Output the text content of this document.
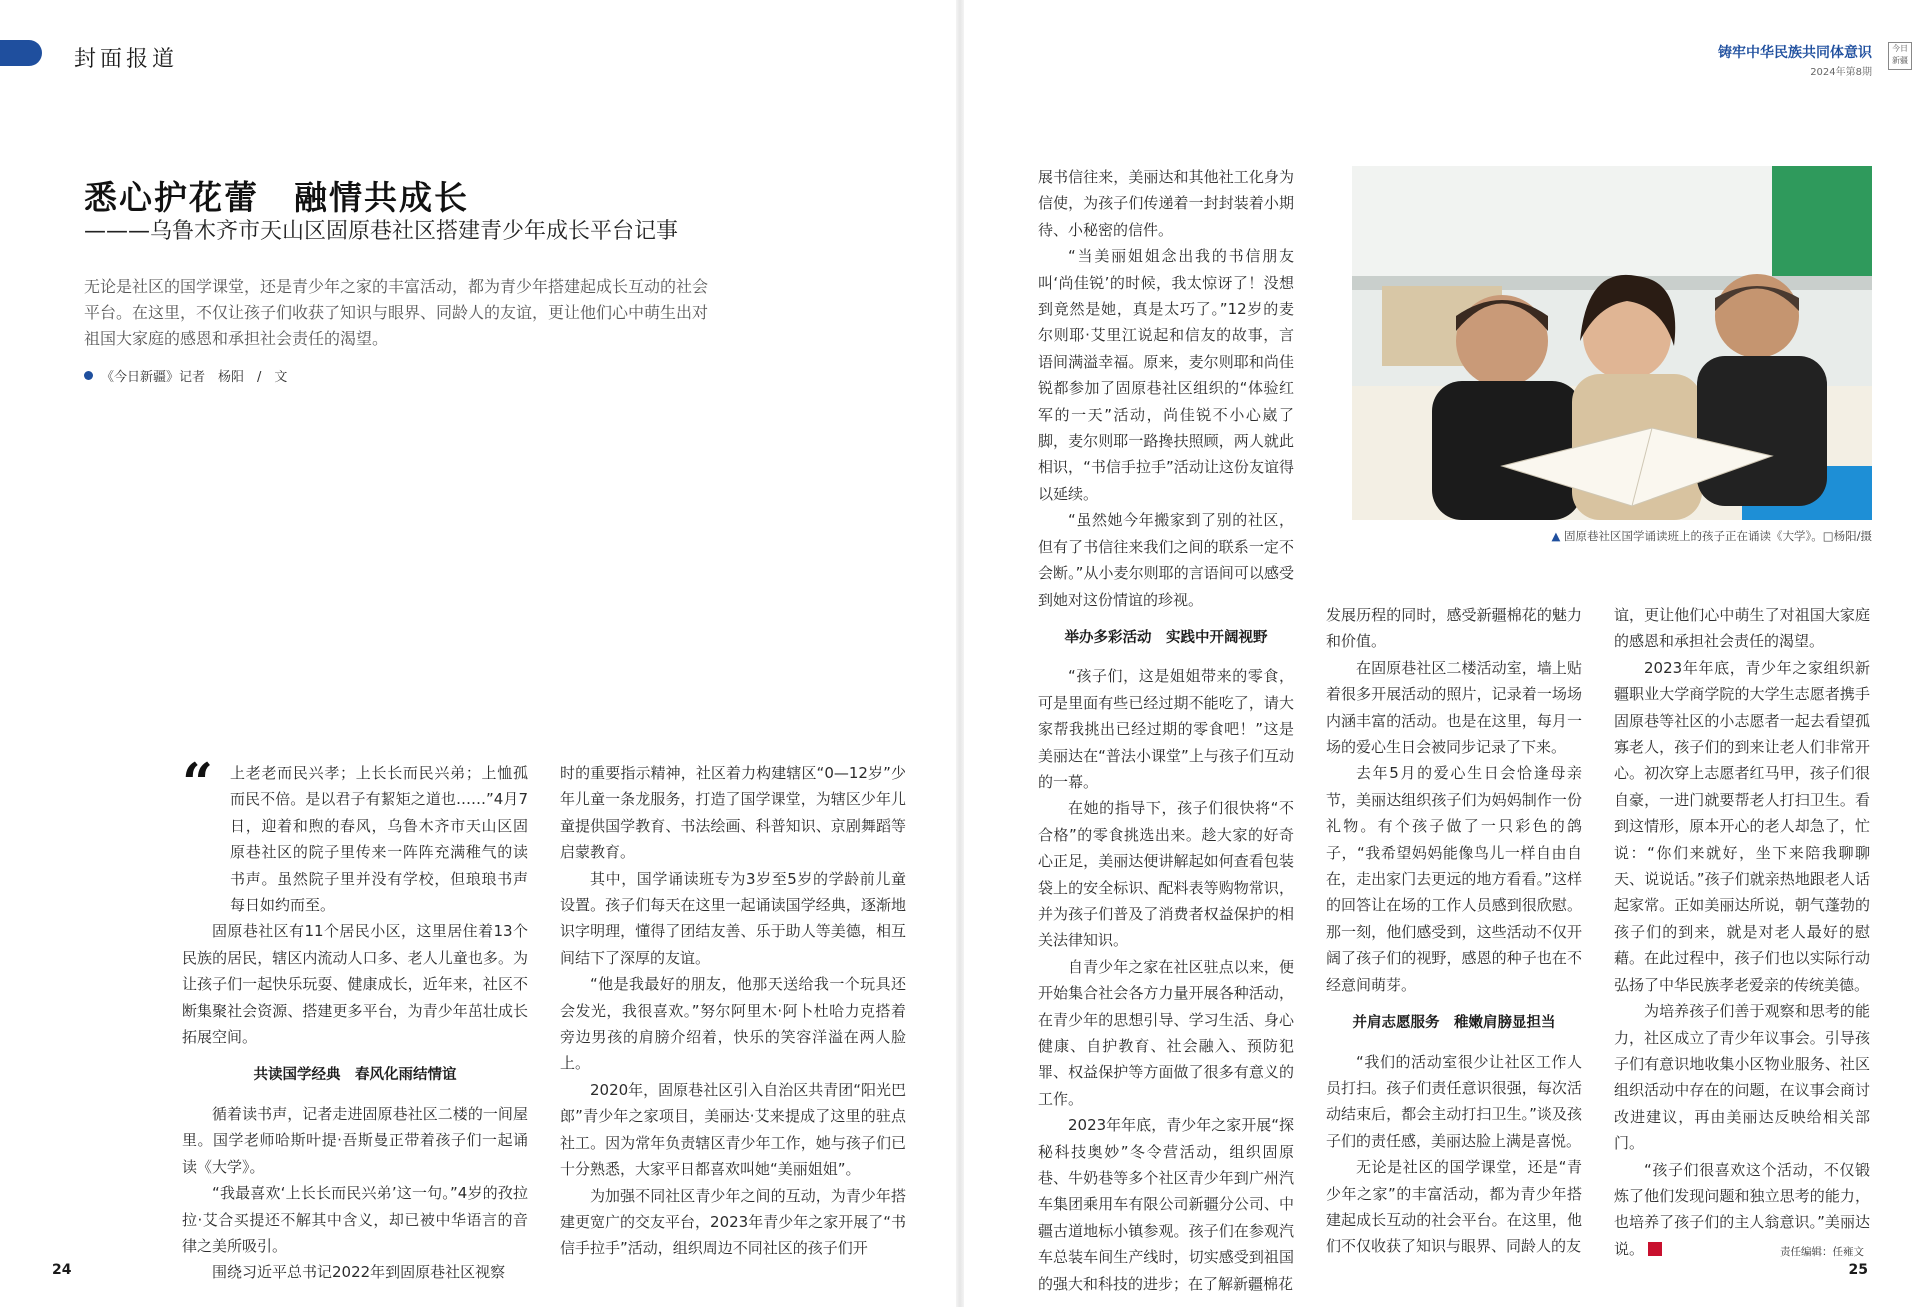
封面报道	铸牢中华民族共同体意识
2024年第8期
今日新疆
悉心护花蕾　融情共成长
———乌鲁木齐市天山区固原巷社区搭建青少年成长平台记事
无论是社区的国学课堂，还是青少年之家的丰富活动，都为青少年搭建起成长互动的社会平台。在这里，不仅让孩子们收获了知识与眼界、同龄人的友谊，更让他们心中萌生出对祖国大家庭的感恩和承担社会责任的渴望。
《今日新疆》记者　杨阳　/　文
“	上老老而民兴孝；上长长而民兴弟；上恤孤而民不倍。是以君子有絜矩之道也……”4月7日，迎着和煦的春风，乌鲁木齐市天山区固原巷社区的院子里传来一阵阵充满稚气的读书声。虽然院子里并没有学校，但琅琅书声每日如约而至。

固原巷社区有11个居民小区，这里居住着13个民族的居民，辖区内流动人口多、老人儿童也多。为让孩子们一起快乐玩耍、健康成长，近年来，社区不断集聚社会资源、搭建更多平台，为青少年茁壮成长拓展空间。

共读国学经典　春风化雨结情谊

循着读书声，记者走进固原巷社区二楼的一间屋里。国学老师哈斯叶提·吾斯曼正带着孩子们一起诵读《大学》。

“我最喜欢‘上长长而民兴弟’这一句。”4岁的孜拉拉·艾合买提还不解其中含义，却已被中华语言的音律之美所吸引。

围绕习近平总书记2022年到固原巷社区视察

时的重要指示精神，社区着力构建辖区“0—12岁”少年儿童一条龙服务，打造了国学课堂，为辖区少年儿童提供国学教育、书法绘画、科普知识、京剧舞蹈等启蒙教育。

其中，国学诵读班专为3岁至5岁的学龄前儿童设置。孩子们每天在这里一起诵读国学经典，逐渐地识字明理，懂得了团结友善、乐于助人等美德，相互间结下了深厚的友谊。

“他是我最好的朋友，他那天送给我一个玩具还会发光，我很喜欢。”努尔阿里木·阿卜杜哈力克搭着旁边男孩的肩膀介绍着，快乐的笑容洋溢在两人脸上。

2020年，固原巷社区引入自治区共青团“阳光巴郎”青少年之家项目，美丽达·艾来提成了这里的驻点社工。因为常年负责辖区青少年工作，她与孩子们已十分熟悉，大家平日都喜欢叫她“美丽姐姐”。

为加强不同社区青少年之间的互动，为青少年搭建更宽广的交友平台，2023年青少年之家开展了“书信手拉手”活动，组织周边不同社区的孩子们开

展书信往来，美丽达和其他社工化身为信使，为孩子们传递着一封封装着小期待、小秘密的信件。

“当美丽姐姐念出我的书信朋友叫‘尚佳锐’的时候，我太惊讶了！没想到竟然是她，真是太巧了。”12岁的麦尔则耶·艾里江说起和信友的故事，言语间满溢幸福。原来，麦尔则耶和尚佳锐都参加了固原巷社区组织的“体验红军的一天”活动，尚佳锐不小心崴了脚，麦尔则耶一路搀扶照顾，两人就此相识，“书信手拉手”活动让这份友谊得以延续。

“虽然她今年搬家到了别的社区，但有了书信往来我们之间的联系一定不会断。”从小麦尔则耶的言语间可以感受到她对这份情谊的珍视。

举办多彩活动　实践中开阔视野

“孩子们，这是姐姐带来的零食，可是里面有些已经过期不能吃了，请大家帮我挑出已经过期的零食吧！”这是美丽达在“普法小课堂”上与孩子们互动的一幕。

在她的指导下，孩子们很快将“不合格”的零食挑选出来。趁大家的好奇心正足，美丽达便讲解起如何查看包装袋上的安全标识、配料表等购物常识，并为孩子们普及了消费者权益保护的相关法律知识。

自青少年之家在社区驻点以来，便开始集合社会各方力量开展各种活动，在青少年的思想引导、学习生活、身心健康、自护教育、社会融入、预防犯罪、权益保护等方面做了很多有意义的工作。

2023年年底，青少年之家开展“探秘科技奥妙”冬令营活动，组织固原巷、牛奶巷等多个社区青少年到广州汽车集团乘用车有限公司新疆分公司、中疆古道地标小镇参观。孩子们在参观汽车总装车间生产线时，切实感受到祖国的强大和科技的进步；在了解新疆棉花

▲ 固原巷社区国学诵读班上的孩子正在诵读《大学》。□杨阳/摄

发展历程的同时，感受新疆棉花的魅力和价值。

在固原巷社区二楼活动室，墙上贴着很多开展活动的照片，记录着一场场内涵丰富的活动。也是在这里，每月一场的爱心生日会被同步记录了下来。

去年5月的爱心生日会恰逢母亲节，美丽达组织孩子们为妈妈制作一份礼物。有个孩子做了一只彩色的鸽子，“我希望妈妈能像鸟儿一样自由自在，走出家门去更远的地方看看。”这样的回答让在场的工作人员感到很欣慰。那一刻，他们感受到，这些活动不仅开阔了孩子们的视野，感恩的种子也在不经意间萌芽。

并肩志愿服务　稚嫩肩膀显担当

“我们的活动室很少让社区工作人员打扫。孩子们责任意识很强，每次活动结束后，都会主动打扫卫生。”谈及孩子们的责任感，美丽达脸上满是喜悦。

无论是社区的国学课堂，还是“青少年之家”的丰富活动，都为青少年搭建起成长互动的社会平台。在这里，他们不仅收获了知识与眼界、同龄人的友

谊，更让他们心中萌生了对祖国大家庭的感恩和承担社会责任的渴望。

2023年年底，青少年之家组织新疆职业大学商学院的大学生志愿者携手固原巷等社区的小志愿者一起去看望孤寡老人，孩子们的到来让老人们非常开心。初次穿上志愿者红马甲，孩子们很自豪，一进门就要帮老人打扫卫生。看到这情形，原本开心的老人却急了，忙说：“你们来就好，坐下来陪我聊聊天、说说话。”孩子们就亲热地跟老人话起家常。正如美丽达所说，朝气蓬勃的孩子们的到来，就是对老人最好的慰藉。在此过程中，孩子们也以实际行动弘扬了中华民族孝老爱亲的传统美德。

为培养孩子们善于观察和思考的能力，社区成立了青少年议事会。引导孩子们有意识地收集小区物业服务、社区组织活动中存在的问题，在议事会商讨改进建议，再由美丽达反映给相关部门。

“孩子们很喜欢这个活动，不仅锻炼了他们发现问题和独立思考的能力，也培养了孩子们的主人翁意识。”美丽达说。

24
责任编辑：任雍文
25
